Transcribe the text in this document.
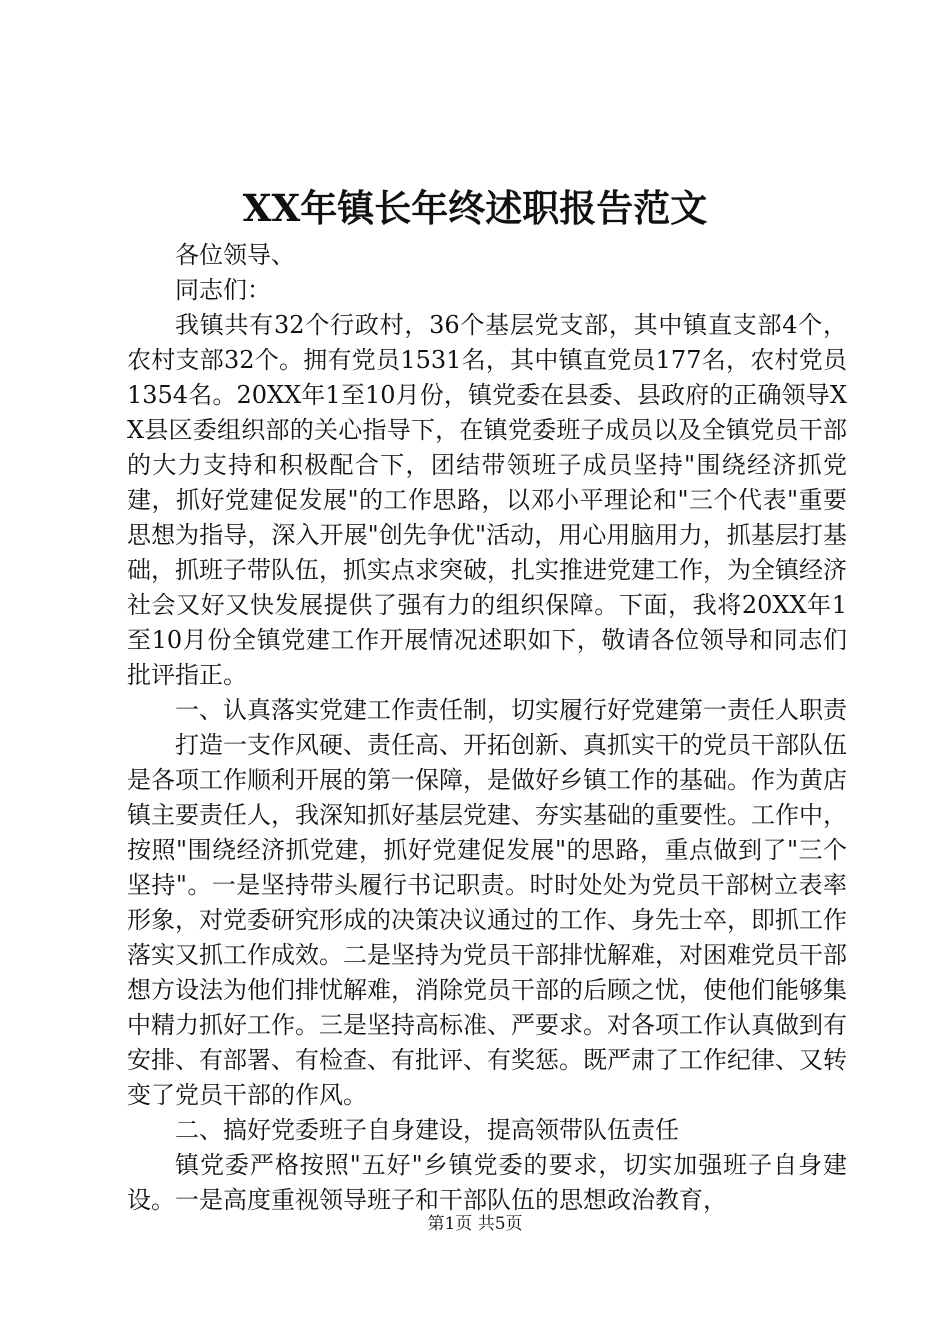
XX年镇长年终述职报告范文

各位领导、

同志们：

我镇共有32个行政村，36个基层党支部，其中镇直支部4个，农村支部32个。拥有党员1531名，其中镇直党员177名，农村党员1354名。20XX年1至10月份，镇党委在县委、县政府的正确领导XX县区委组织部的关心指导下，在镇党委班子成员以及全镇党员干部的大力支持和积极配合下，团结带领班子成员坚持"围绕经济抓党建，抓好党建促发展"的工作思路，以邓小平理论和"三个代表"重要思想为指导，深入开展"创先争优"活动，用心用脑用力，抓基层打基础，抓班子带队伍，抓实点求突破，扎实推进党建工作，为全镇经济社会又好又快发展提供了强有力的组织保障。下面，我将20XX年1至10月份全镇党建工作开展情况述职如下，敬请各位领导和同志们批评指正。

一、认真落实党建工作责任制，切实履行好党建第一责任人职责

打造一支作风硬、责任高、开拓创新、真抓实干的党员干部队伍是各项工作顺利开展的第一保障，是做好乡镇工作的基础。作为黄店镇主要责任人，我深知抓好基层党建、夯实基础的重要性。工作中，按照"围绕经济抓党建，抓好党建促发展"的思路，重点做到了"三个坚持"。一是坚持带头履行书记职责。时时处处为党员干部树立表率形象，对党委研究形成的决策决议通过的工作、身先士卒，即抓工作落实又抓工作成效。二是坚持为党员干部排忧解难，对困难党员干部想方设法为他们排忧解难，消除党员干部的后顾之忧，使他们能够集中精力抓好工作。三是坚持高标准、严要求。对各项工作认真做到有安排、有部署、有检查、有批评、有奖惩。既严肃了工作纪律、又转变了党员干部的作风。

二、搞好党委班子自身建设，提高领带队伍责任

镇党委严格按照"五好"乡镇党委的要求，切实加强班子自身建设。一是高度重视领导班子和干部队伍的思想政治教育，

第1页 共5页
